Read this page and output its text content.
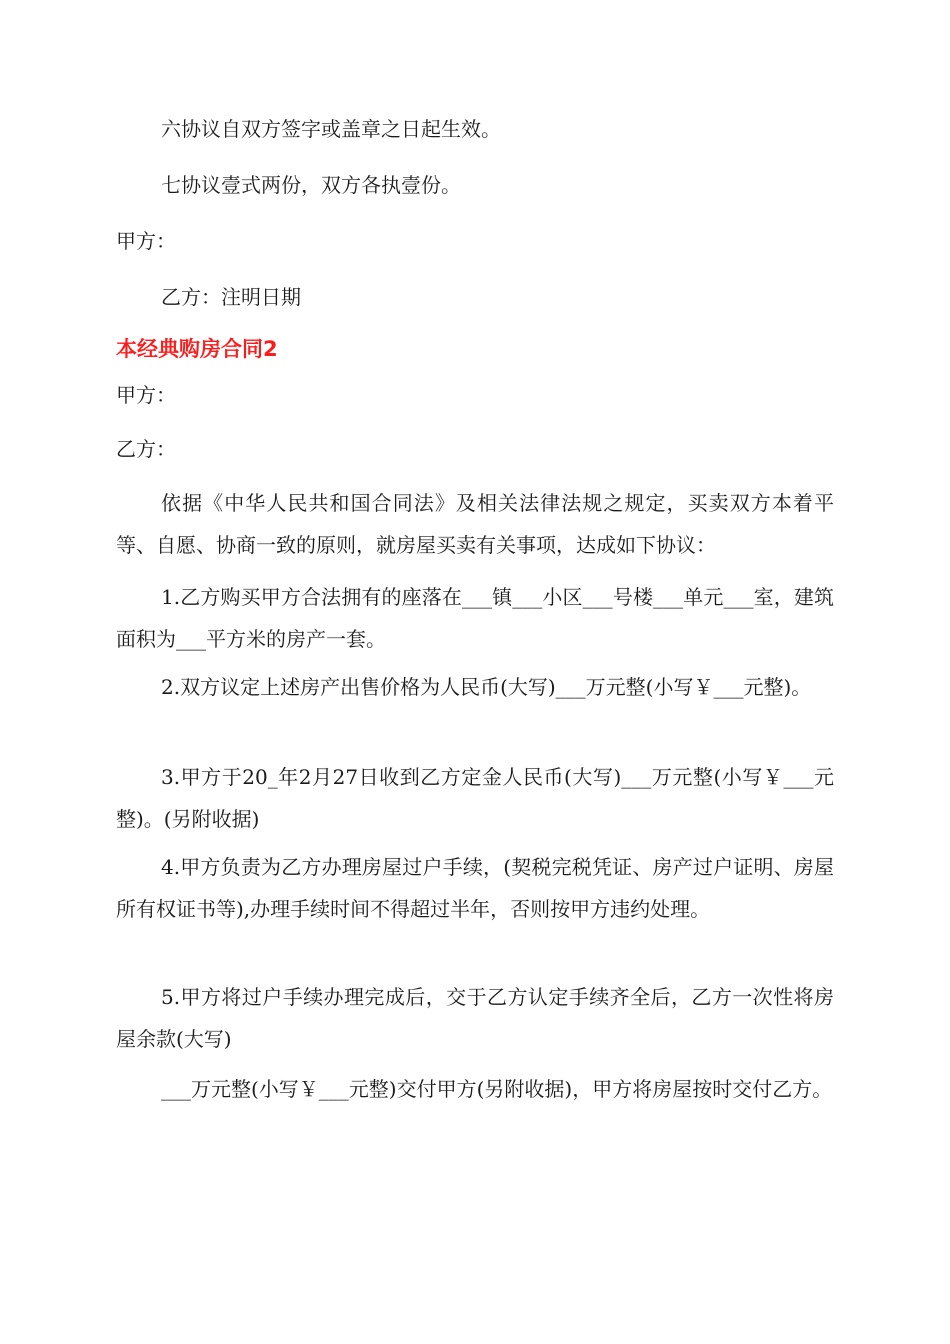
六协议自双方签字或盖章之日起生效。

七协议壹式两份，双方各执壹份。

甲方：

乙方：注明日期

本经典购房合同2

甲方：

乙方：

依据《中华人民共和国合同法》及相关法律法规之规定，买卖双方本着平等、自愿、协商一致的原则，就房屋买卖有关事项，达成如下协议：

1.乙方购买甲方合法拥有的座落在___镇___小区___号楼___单元___室，建筑面积为___平方米的房产一套。

2.双方议定上述房产出售价格为人民币(大写)___万元整(小写￥___元整)。

3.甲方于20_年2月27日收到乙方定金人民币(大写)___万元整(小写￥___元整)。(另附收据)

4.甲方负责为乙方办理房屋过户手续，(契税完税凭证、房产过户证明、房屋所有权证书等),办理手续时间不得超过半年，否则按甲方违约处理。

5.甲方将过户手续办理完成后，交于乙方认定手续齐全后，乙方一次性将房屋余款(大写)

___万元整(小写￥___元整)交付甲方(另附收据)，甲方将房屋按时交付乙方。
